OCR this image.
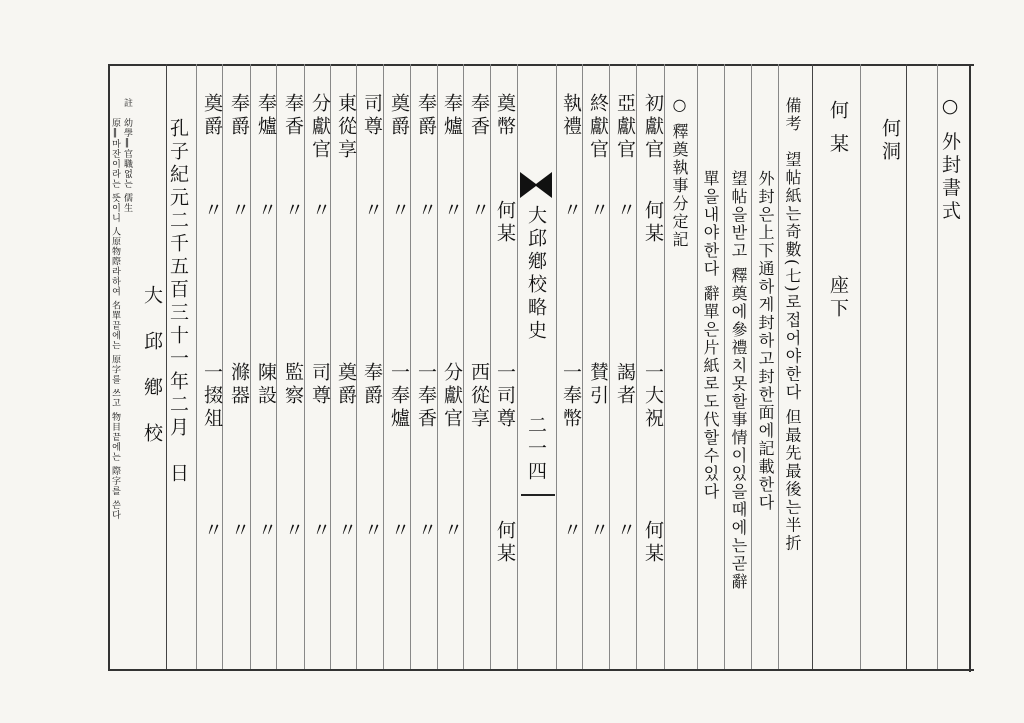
○ 外封書式
何洞
何 某
座下
備考　望帖紙는奇數(七)로접어야한다 但最先最後는半折
外封은上下通하게封하고封한面에記載한다
望帖을받고 釋奠에參禮치못할事情이있을때에는곧辭
單을내야한다 辭單은片紙로도代할수있다
○ 釋奠執事分定記
初獻官
何某
一大祝
何某
亞獻官
〃
謁者
〃
終獻官
〃
賛引
〃
執禮
〃
一奉幣
〃
大邱鄕校略史
二一四
奠幣
何某
一司尊
何某
奉香
〃
西從享
奉爐
〃
分獻官
〃
奉爵
〃
一奉香
〃
奠爵
〃
一奉爐
〃
司尊
〃
奉爵
〃
東從享
奠爵
〃
分獻官
〃
司尊
〃
奉香
〃
監察
〃
奉爐
〃
陳設
〃
奉爵
〃
滌器
〃
奠爵
〃
一掇俎
〃
孔子紀元二千五百三十一年二月　日
大　邱　鄕　校
註
幼學‖官職없는 儒生
原‖마잔이라는 뜻이니 人原物際라하여 名單끝에는 原字를 쓰고 物目끝에는 際字를 쓴다
